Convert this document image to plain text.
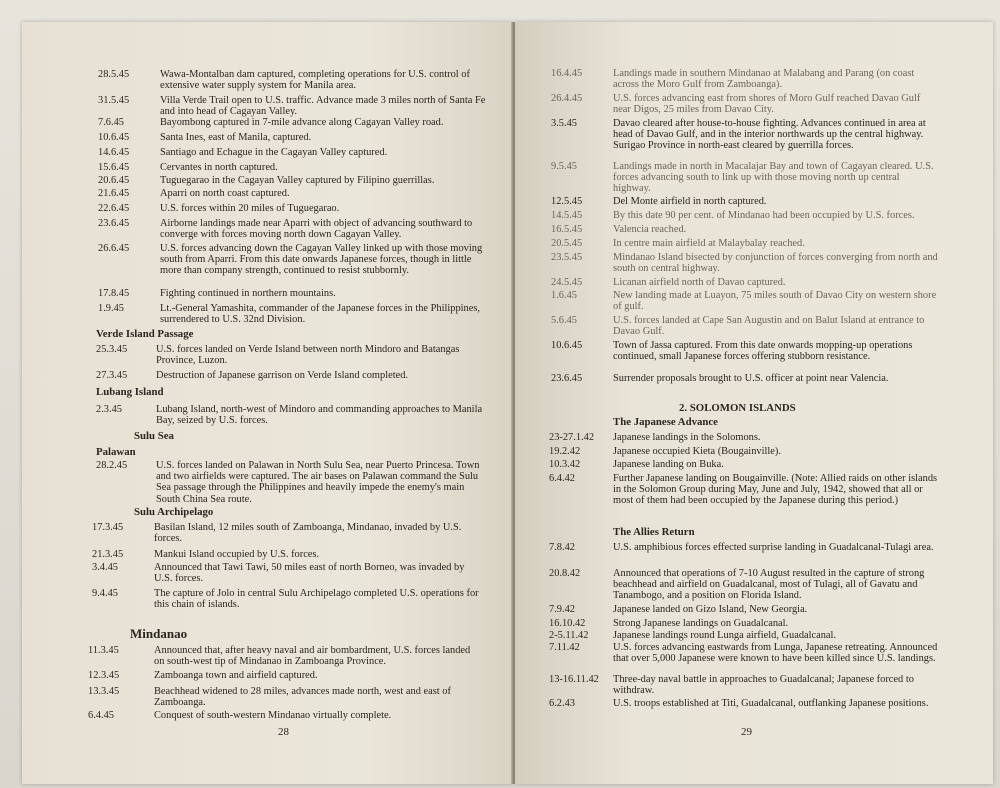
28.5.45	Wawa-Montalban dam captured, completing operations for U.S. control of extensive water supply system for Manila area.
31.5.45	Villa Verde Trail open to U.S. traffic. Advance made 3 miles north of Santa Fe and into head of Cagayan Valley.
7.6.45	Bayombong captured in 7-mile advance along Cagayan Valley road.
10.6.45	Santa Ines, east of Manila, captured.
14.6.45	Santiago and Echague in the Cagayan Valley captured.
15.6.45	Cervantes in north captured.
20.6.45	Tuguegarao in the Cagayan Valley captured by Filipino guerrillas.
21.6.45	Aparri on north coast captured.
22.6.45	U.S. forces within 20 miles of Tuguegarao.
23.6.45	Airborne landings made near Aparri with object of advancing southward to converge with forces moving north down Cagayan Valley.
26.6.45	U.S. forces advancing down the Cagayan Valley linked up with those moving south from Aparri. From this date onwards Japanese forces, though in little more than company strength, continued to resist stubbornly.
17.8.45	Fighting continued in northern mountains.
1.9.45	Lt.-General Yamashita, commander of the Japanese forces in the Philippines, surrendered to U.S. 32nd Division.
Verde Island Passage
25.3.45	U.S. forces landed on Verde Island between north Mindoro and Batangas Province, Luzon.
27.3.45	Destruction of Japanese garrison on Verde Island completed.
Lubang Island
2.3.45	Lubang Island, north-west of Mindoro and commanding approaches to Manila Bay, seized by U.S. forces.
Sulu Sea
Palawan
28.2.45	U.S. forces landed on Palawan in North Sulu Sea, near Puerto Princesa. Town and two airfields were captured. The air bases on Palawan command the Sulu Sea passage through the Philippines and heavily impede the enemy's main South China Sea route.
Sulu Archipelago
17.3.45	Basilan Island, 12 miles south of Zamboanga, Mindanao, invaded by U.S. forces.
21.3.45	Mankui Island occupied by U.S. forces.
3.4.45	Announced that Tawi Tawi, 50 miles east of north Borneo, was invaded by U.S. forces.
9.4.45	The capture of Jolo in central Sulu Archipelago completed U.S. operations for this chain of islands.
Mindanao
11.3.45	Announced that, after heavy naval and air bombardment, U.S. forces landed on south-west tip of Mindanao in Zamboanga Province.
12.3.45	Zamboanga town and airfield captured.
13.3.45	Beachhead widened to 28 miles, advances made north, west and east of Zamboanga.
6.4.45	Conquest of south-western Mindanao virtually complete.
28
16.4.45	Landings made in southern Mindanao at Malabang and Parang (on coast across the Moro Gulf from Zamboanga).
26.4.45	U.S. forces advancing east from shores of Moro Gulf reached Davao Gulf near Digos, 25 miles from Davao City.
3.5.45	Davao cleared after house-to-house fighting. Advances continued in area at head of Davao Gulf, and in the interior northwards up the central highway. Surigao Province in north-east cleared by guerrilla forces.
9.5.45	Landings made in north in Macalajar Bay and town of Cagayan cleared. U.S. forces advancing south to link up with those moving north up central highway.
12.5.45	Del Monte airfield in north captured.
14.5.45	By this date 90 per cent. of Mindanao had been occupied by U.S. forces.
16.5.45	Valencia reached.
20.5.45	In centre main airfield at Malaybalay reached.
23.5.45	Mindanao Island bisected by conjunction of forces converging from north and south on central highway.
24.5.45	Licanan airfield north of Davao captured.
1.6.45	New landing made at Luayon, 75 miles south of Davao City on western shore of gulf.
5.6.45	U.S. forces landed at Cape San Augustin and on Balut Island at entrance to Davao Gulf.
10.6.45	Town of Jassa captured. From this date onwards mopping-up operations continued, small Japanese forces offering stubborn resistance.
23.6.45	Surrender proposals brought to U.S. officer at point near Valencia.
2. SOLOMON ISLANDS
The Japanese Advance
23-27.1.42 Japanese landings in the Solomons.
19.2.42	Japanese occupied Kieta (Bougainville).
10.3.42	Japanese landing on Buka.
6.4.42	Further Japanese landing on Bougainville. (Note: Allied raids on other islands in the Solomon Group during May, June and July, 1942, showed that all or most of them had been occupied by the Japanese during this period.)
The Allies Return
7.8.42	U.S. amphibious forces effected surprise landing in Guadalcanal-Tulagi area.
20.8.42	Announced that operations of 7-10 August resulted in the capture of strong beachhead and airfield on Guadalcanal, most of Tulagi, all of Gavatu and Tanambogo, and a position on Florida Island.
7.9.42	Japanese landed on Gizo Island, New Georgia.
16.10.42	Strong Japanese landings on Guadalcanal.
2-5.11.42 Japanese landings round Lunga airfield, Guadalcanal.
7.11.42	U.S. forces advancing eastwards from Lunga, Japanese retreating. Announced that over 5,000 Japanese were known to have been killed since U.S. landings.
13-16.11.42 Three-day naval battle in approaches to Guadalcanal; Japanese forced to withdraw.
6.2.43	U.S. troops established at Titi, Guadalcanal, outflanking Japanese positions.
29
